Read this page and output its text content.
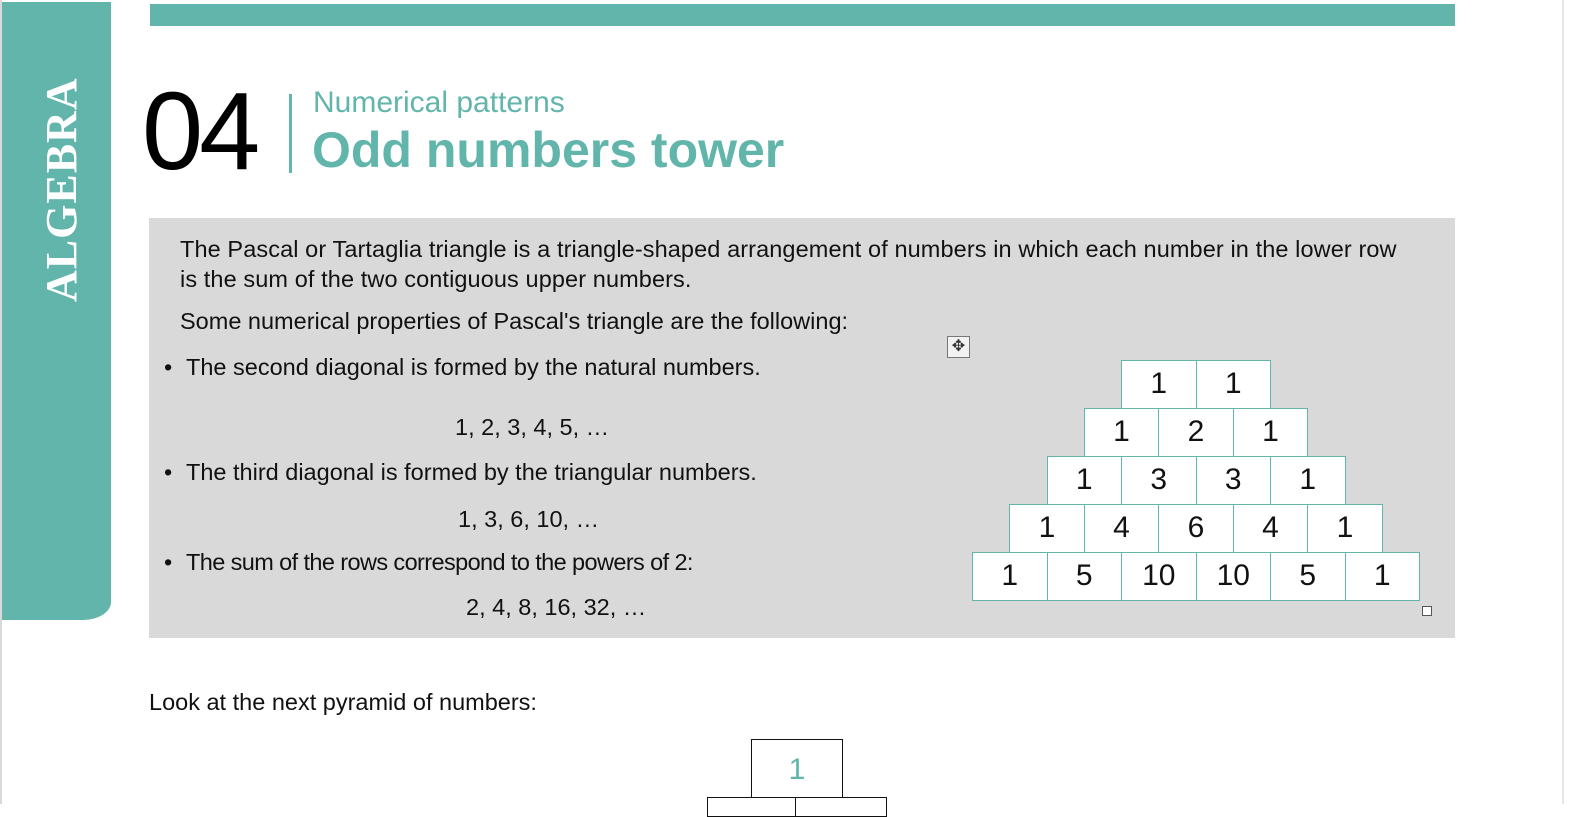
ALGEBRA 04 Numerical patterns
Odd numbers tower
The Pascal or Tartaglia triangle is a triangle-shaped arrangement of numbers in which each number in the lower row is the sum of the two contiguous upper numbers.
Some numerical properties of Pascal's triangle are the following:
• The second diagonal is formed by the natural numbers.
1, 2, 3, 4, 5, …
• The third diagonal is formed by the triangular numbers.
1, 3, 6, 10, …
• The sum of the rows correspond to the powers of 2:
2, 4, 8, 16, 32, …
✥
1	1
1	2	1
1	3	3	1
1	4	6	4	1
1	5	10	10	5	1
Look at the next pyramid of numbers:
1
